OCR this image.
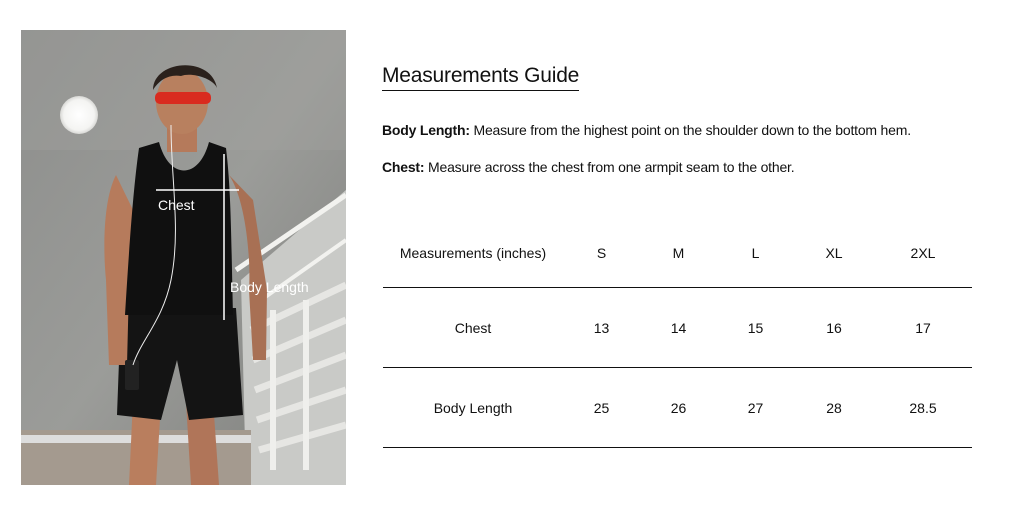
Chest
Body Length
Measurements Guide

Body Length: Measure from the highest point on the shoulder down to the bottom hem.

Chest: Measure across the chest from one armpit seam to the other.

Measurements (inches)	S	M	L	XL	2XL
Chest	13	14	15	16	17
Body Length	25	26	27	28	28.5
